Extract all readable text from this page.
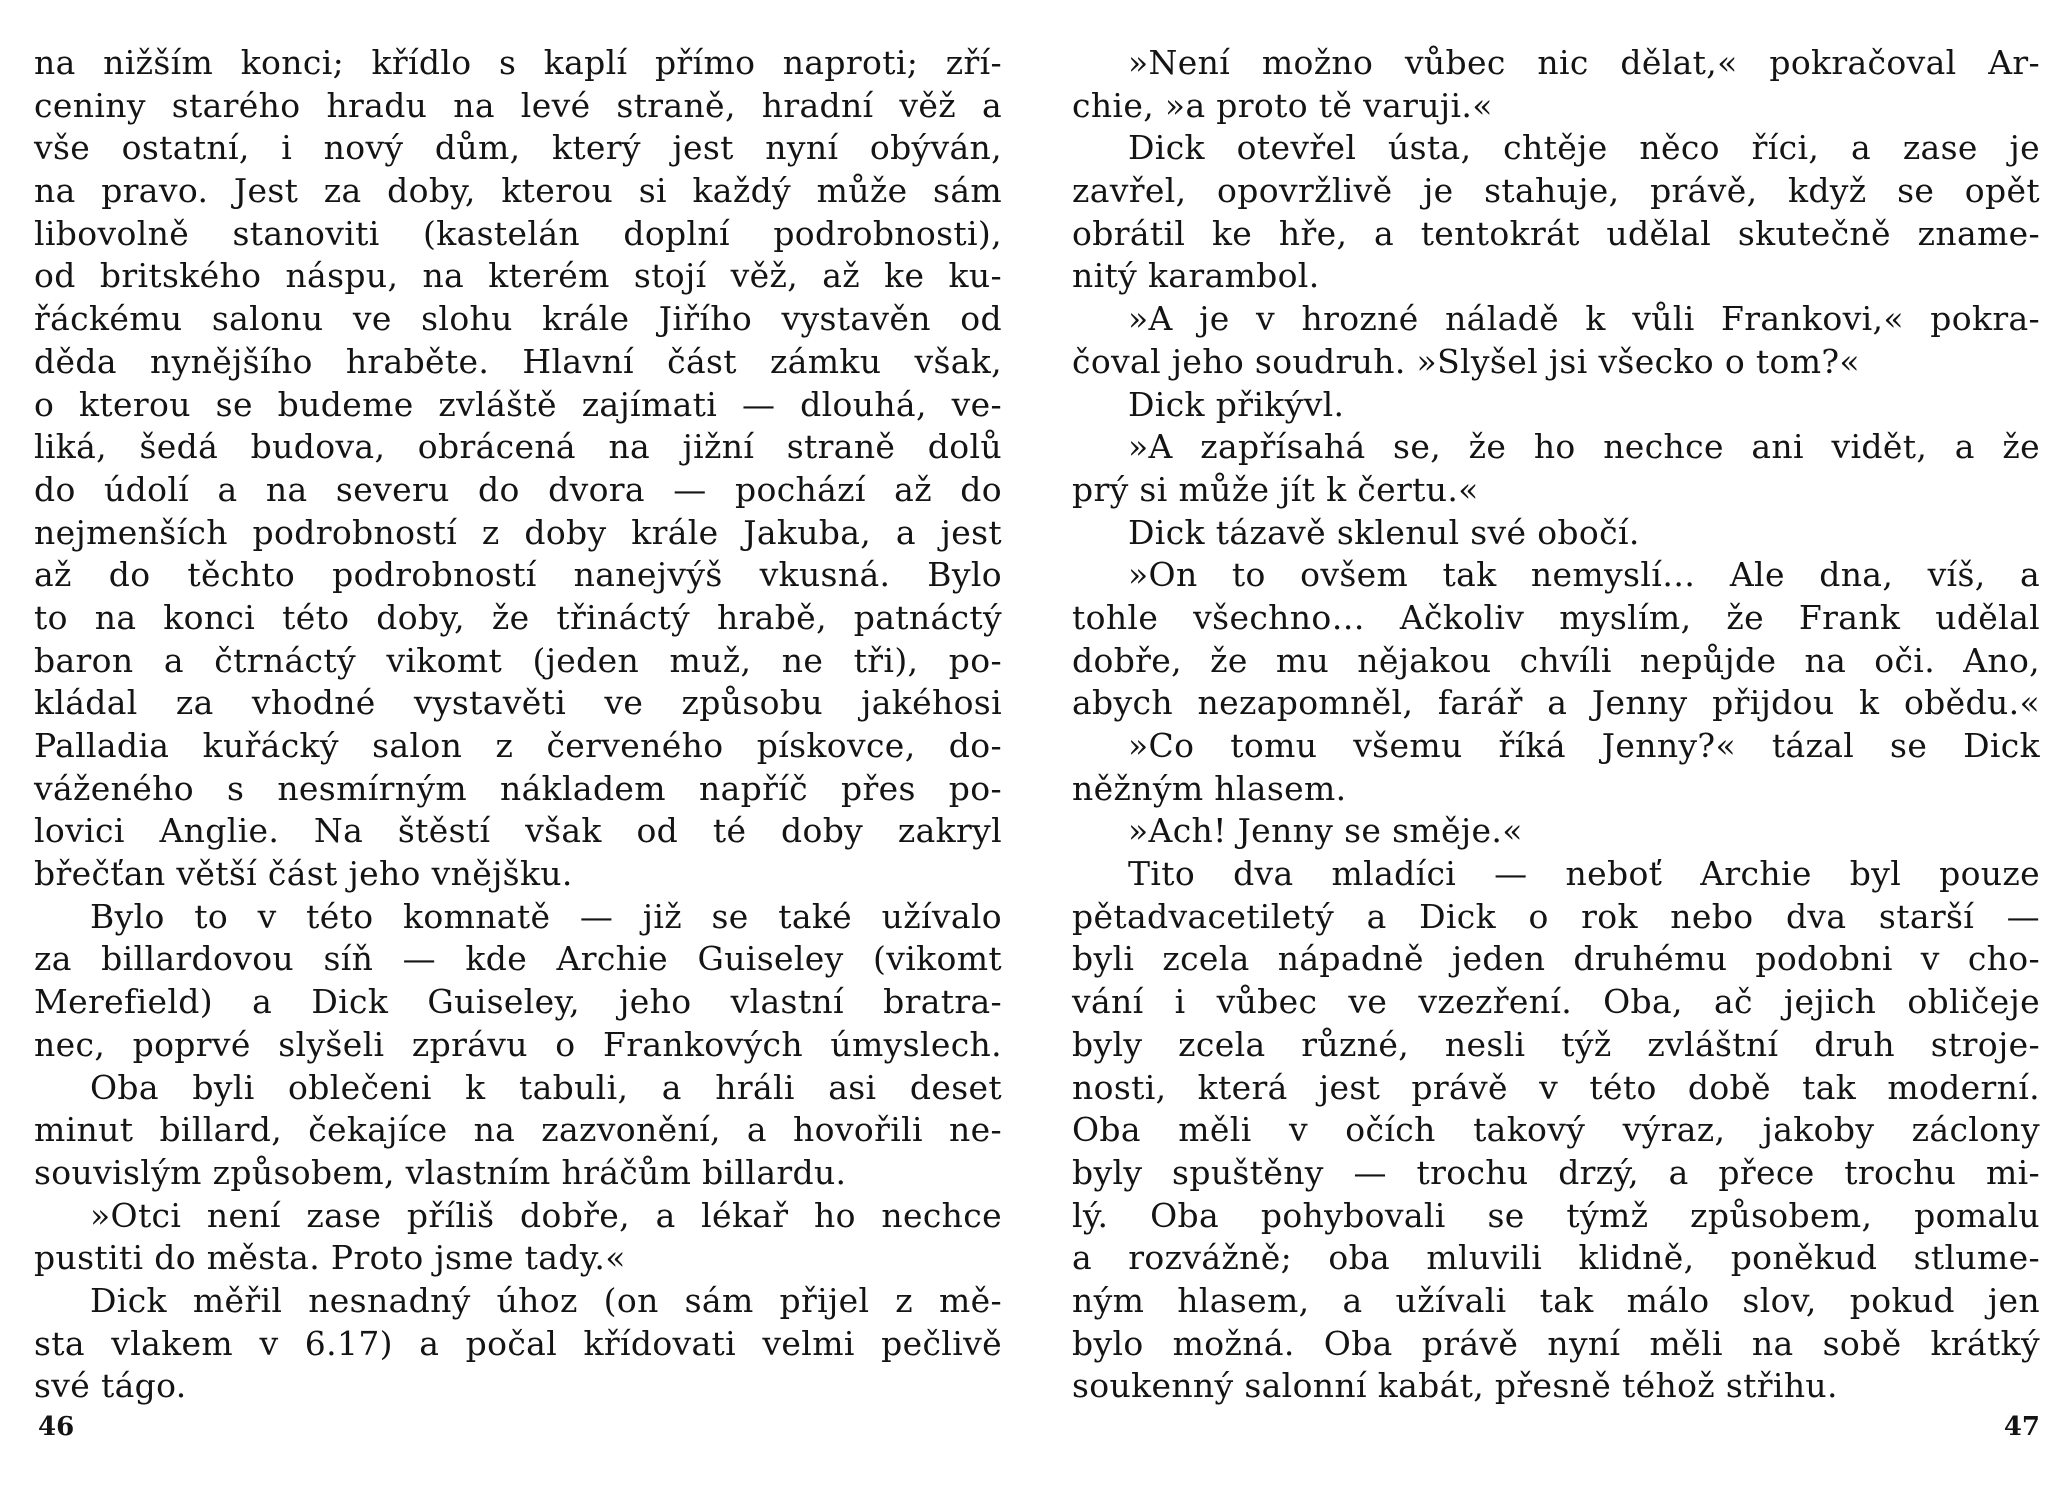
na nižším konci; křídlo s kaplí přímo naproti; zří-
ceniny starého hradu na levé straně, hradní věž a
vše ostatní, i nový dům, který jest nyní obýván,
na pravo. Jest za doby, kterou si každý může sám
libovolně stanoviti (kastelán doplní podrobnosti),
od britského náspu, na kterém stojí věž, až ke ku-
řáckému salonu ve slohu krále Jiřího vystavěn od
děda nynějšího hraběte. Hlavní část zámku však,
o kterou se budeme zvláště zajímati — dlouhá, ve-
liká, šedá budova, obrácená na jižní straně dolů
do údolí a na severu do dvora — pochází až do
nejmenších podrobností z doby krále Jakuba, a jest
až do těchto podrobností nanejvýš vkusná. Bylo
to na konci této doby, že třináctý hrabě, patnáctý
baron a čtrnáctý vikomt (jeden muž, ne tři), po-
kládal za vhodné vystavěti ve způsobu jakéhosi
Palladia kuřácký salon z červeného pískovce, do-
váženého s nesmírným nákladem napříč přes po-
lovici Anglie. Na štěstí však od té doby zakryl
břečťan větší část jeho vnějšku.
Bylo to v této komnatě — již se také užívalo
za billardovou síň — kde Archie Guiseley (vikomt
Merefield) a Dick Guiseley, jeho vlastní bratra-
nec, poprvé slyšeli zprávu o Frankových úmyslech.
Oba byli oblečeni k tabuli, a hráli asi deset
minut billard, čekajíce na zazvonění, a hovořili ne-
souvislým způsobem, vlastním hráčům billardu.
»Otci není zase příliš dobře, a lékař ho nechce
pustiti do města. Proto jsme tady.«
Dick měřil nesnadný úhoz (on sám přijel z mě-
sta vlakem v 6.17) a počal křídovati velmi pečlivě
své tágo.
46
»Není možno vůbec nic dělat,« pokračoval Ar-
chie, »a proto tě varuji.«
Dick otevřel ústa, chtěje něco říci, a zase je
zavřel, opovržlivě je stahuje, právě, když se opět
obrátil ke hře, a tentokrát udělal skutečně zname-
nitý karambol.
»A je v hrozné náladě k vůli Frankovi,« pokra-
čoval jeho soudruh. »Slyšel jsi všecko o tom?«
Dick přikývl.
»A zapřísahá se, že ho nechce ani vidět, a že
prý si může jít k čertu.«
Dick tázavě sklenul své obočí.
»On to ovšem tak nemyslí… Ale dna, víš, a
tohle všechno… Ačkoliv myslím, že Frank udělal
dobře, že mu nějakou chvíli nepůjde na oči. Ano,
abych nezapomněl, farář a Jenny přijdou k obědu.«
»Co tomu všemu říká Jenny?« tázal se Dick
něžným hlasem.
»Ach! Jenny se směje.«
Tito dva mladíci — neboť Archie byl pouze
pětadvacetiletý a Dick o rok nebo dva starší —
byli zcela nápadně jeden druhému podobni v cho-
vání i vůbec ve vzezření. Oba, ač jejich obličeje
byly zcela různé, nesli týž zvláštní druh stroje-
nosti, která jest právě v této době tak moderní.
Oba měli v očích takový výraz, jakoby záclony
byly spuštěny — trochu drzý, a přece trochu mi-
lý. Oba pohybovali se týmž způsobem, pomalu
a rozvážně; oba mluvili klidně, poněkud stlume-
ným hlasem, a užívali tak málo slov, pokud jen
bylo možná. Oba právě nyní měli na sobě krátký
soukenný salonní kabát, přesně téhož střihu.
47
